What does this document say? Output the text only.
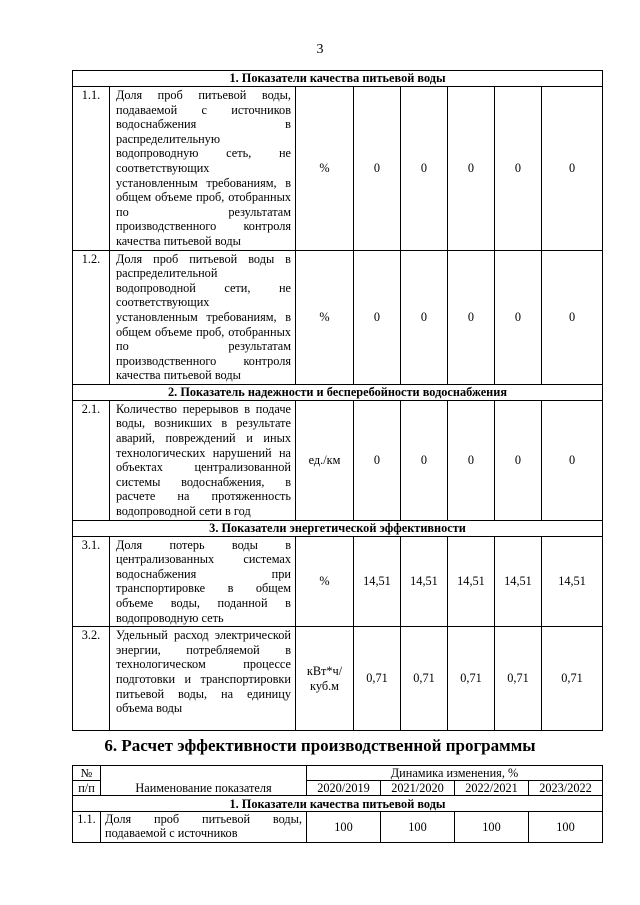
3
1. Показатели качества питьевой воды							
1.1.	Доля проб питьевой воды, подаваемой с источников водоснабжения в распределительную водопроводную сеть, не соответствующих установленным требованиям, в общем объеме проб, отобранных по результатам производственного контроля качества питьевой воды	%	0	0	0	0	0
1.2.	Доля проб питьевой воды в распределительной водопроводной сети, не соответствующих установленным требованиям, в общем объеме проб, отобранных по результатам производственного контроля качества питьевой воды	%	0	0	0	0	0
2. Показатель надежности и бесперебойности водоснабжения							
2.1.	Количество перерывов в подаче воды, возникших в результате аварий, повреждений и иных технологических нарушений на объектах централизованной системы водоснабжения, в расчете на протяженность водопроводной сети в год	ед./км	0	0	0	0	0
3. Показатели энергетической эффективности							
3.1.	Доля потерь воды в централизованных системах водоснабжения при транспортировке в общем объеме воды, поданной в водопроводную сеть	%	14,51	14,51	14,51	14,51	14,51
3.2.	Удельный расход электрической энергии, потребляемой в технологическом процессе подготовки и транспортировки питьевой воды, на единицу объема воды	кВт*ч/ куб.м	0,71	0,71	0,71	0,71	0,71
6. Расчет эффективности производственной программы
№	Наименование показателя	Динамика изменения, %			
п/п		2020/2019	2021/2020	2022/2021	2023/2022
1. Показатели качества питьевой воды					
1.1.	Доля проб питьевой воды, подаваемой с источников	100	100	100	100
